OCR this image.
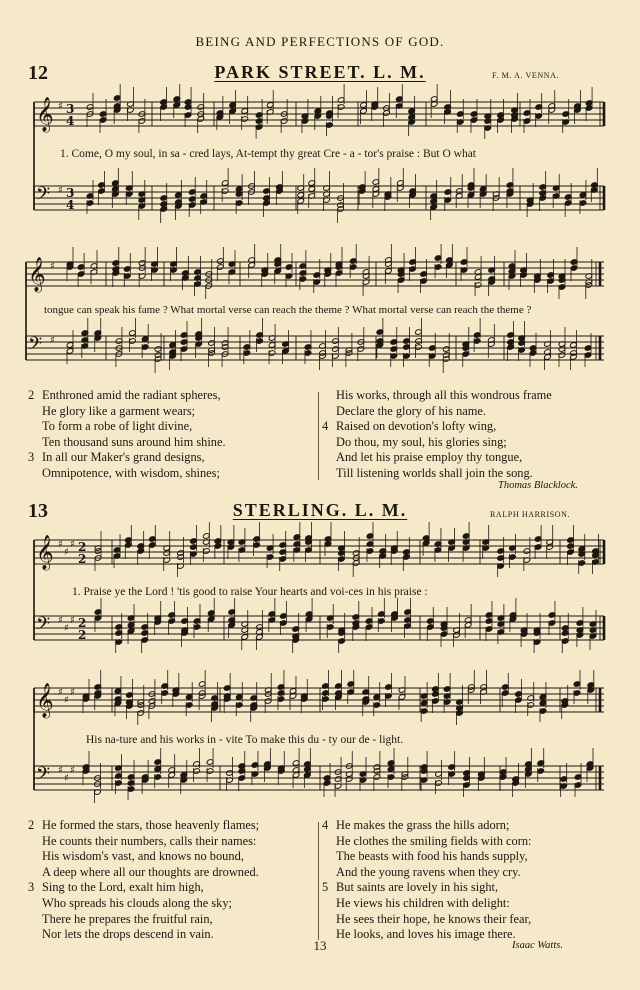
BEING AND PERFECTIONS OF GOD.
12	PARK STREET. L. M.	F. M. A. VENNA.
𝄞 ♯ 3
4
𝄢 ♯ 3
4
𝄞 ♯
𝄢 ♯
𝄞 ♯
♯
♯ 2
2
𝄢 ♯
♯
♯ 2
2
𝄞 ♯
♯
♯
𝄢 ♯
♯
♯
1. Come, O my soul, in sa - cred lays, At-tempt thy great Cre - a - tor's praise : But O what
tongue can speak his fame ? What mortal verse can reach the theme ? What mortal verse can reach the theme ?
2 Enthroned amid the radiant spheres,
He glory like a garment wears;
To form a robe of light divine,
Ten thousand suns around him shine.
3 In all our Maker's grand designs,
Omnipotence, with wisdom, shines;
His works, through all this wondrous frame
Declare the glory of his name.
4 Raised on devotion's lofty wing,
Do thou, my soul, his glories sing;
And let his praise employ thy tongue,
Till listening worlds shall join the song.
Thomas Blacklock.
13	STERLING. L. M.	RALPH HARRISON.
1. Praise ye the Lord ! 'tis good to raise Your hearts and voi-ces in his praise :
His na-ture and his works in - vite To make this du - ty our de - light.
2 He formed the stars, those heavenly flames;
He counts their numbers, calls their names:
His wisdom's vast, and knows no bound,
A deep where all our thoughts are drowned.
3 Sing to the Lord, exalt him high,
Who spreads his clouds along the sky;
There he prepares the fruitful rain,
Nor lets the drops descend in vain.
4 He makes the grass the hills adorn;
He clothes the smiling fields with corn:
The beasts with food his hands supply,
And the young ravens when they cry.
5 But saints are lovely in his sight,
He views his children with delight:
He sees their hope, he knows their fear,
He looks, and loves his image there.
Isaac Watts.
13
